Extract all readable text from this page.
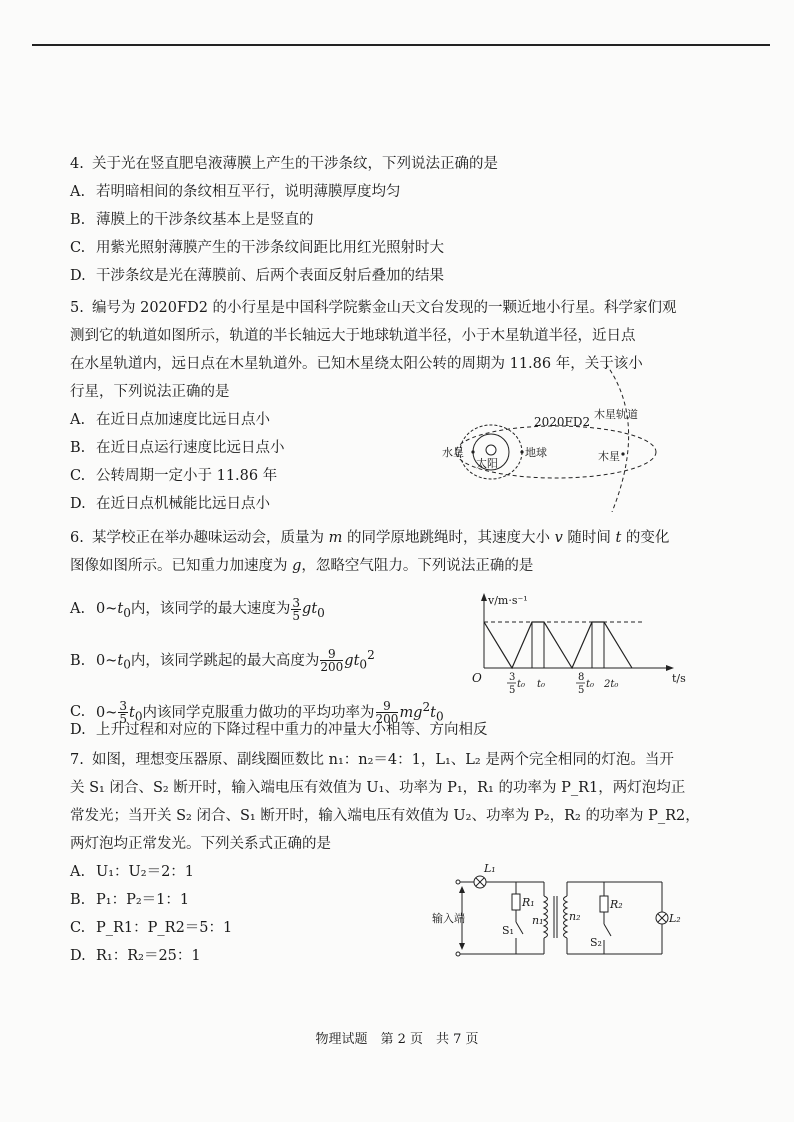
4. 关于光在竖直肥皂液薄膜上产生的干涉条纹，下列说法正确的是
A. 若明暗相间的条纹相互平行，说明薄膜厚度均匀
B. 薄膜上的干涉条纹基本上是竖直的
C. 用紫光照射薄膜产生的干涉条纹间距比用红光照射时大
D. 干涉条纹是光在薄膜前、后两个表面反射后叠加的结果
5. 编号为 2020FD2 的小行星是中国科学院紫金山天文台发现的一颗近地小行星。科学家们观
测到它的轨道如图所示，轨道的半长轴远大于地球轨道半径，小于木星轨道半径，近日点
在水星轨道内，远日点在木星轨道外。已知木星绕太阳公转的周期为 11.86 年，关于该小
行星，下列说法正确的是
A. 在近日点加速度比远日点小
B. 在近日点运行速度比远日点小
C. 公转周期一定小于 11.86 年
D. 在近日点机械能比远日点小
2020FD2
木星轨道
水星
太阳
地球	木星
6. 某学校正在举办趣味运动会，质量为 m 的同学原地跳绳时，其速度大小 v 随时间 t 的变化
图像如图所示。已知重力加速度为 g，忽略空气阻力。下列说法正确的是
A. $0\sim t_0$内，该同学的最大速度为 $\frac{3}{5} gt_0$
B. $0\sim t_0$内，该同学跳起的最大高度为 $\frac{9}{200} gt_0^2$
C. 0~ $\frac{3}{5} t_0$内该同学克服重力做功的平均功率为 $\frac{9}{200} mg^2t_0$
D. 上升过程和对应的下降过程中重力的冲量大小相等、方向相反
v/m·s⁻¹
t/s
O	3
5
t₀ t₀
8
5
t₀ 2t₀
7. 如图，理想变压器原、副线圈匝数比 n₁：n₂＝4：1，L₁、L₂ 是两个完全相同的灯泡。当开
关 S₁ 闭合、S₂ 断开时，输入端电压有效值为 U₁、功率为 P₁，R₁ 的功率为 P_R1，两灯泡均正
常发光；当开关 S₂ 闭合、S₁ 断开时，输入端电压有效值为 U₂、功率为 P₂，R₂ 的功率为 P_R2，
两灯泡均正常发光。下列关系式正确的是
A. U₁：U₂＝2：1
B. P₁：P₂＝1：1
C. P_R1：P_R2＝5：1
D. R₁：R₂＝25：1
L₁
R₁
n₁
S₁
n₂
R₂
S₂
L₂
输入端
物理试题　第 2 页　共 7 页
